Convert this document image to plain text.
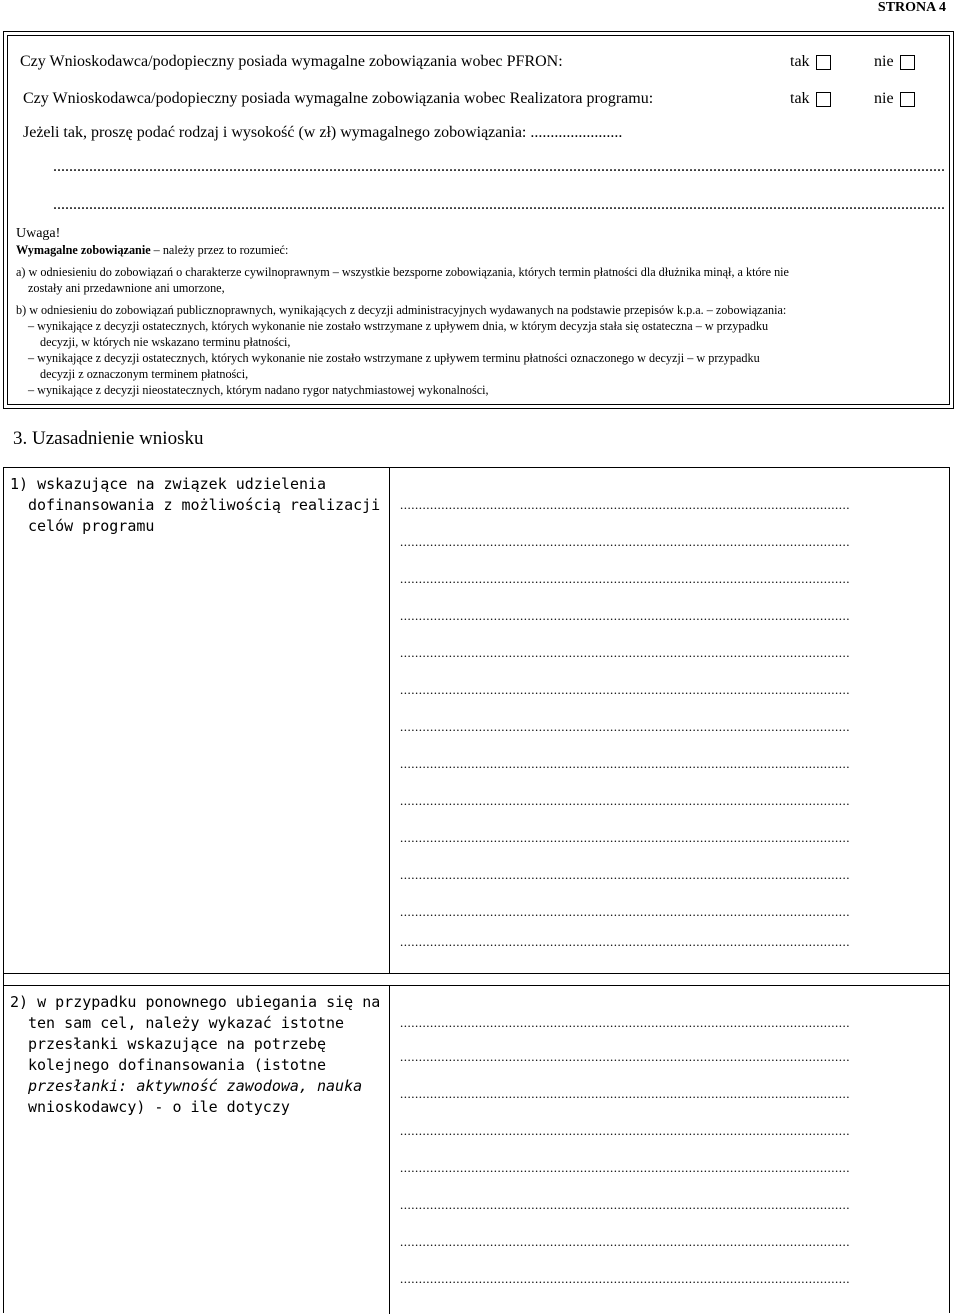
STRONA 4
Czy Wnioskodawca/podopieczny posiada wymagalne zobowiązania wobec PFRON:	tak	nie
Czy Wnioskodawca/podopieczny posiada wymagalne zobowiązania wobec Realizatora programu:	tak	nie
Jeżeli tak, proszę podać rodzaj i wysokość (w zł) wymagalnego zobowiązania: .......................
...............................................................................................................................................................................................................................
...............................................................................................................................................................................................................................
Uwaga!

Wymagalne zobowiązanie – należy przez to rozumieć:

a) w odniesieniu do zobowiązań o charakterze cywilnoprawnym – wszystkie bezsporne zobowiązania, których termin płatności dla dłużnika minął, a które nie

zostały ani przedawnione ani umorzone,

b) w odniesieniu do zobowiązań publicznoprawnych, wynikających z decyzji administracyjnych wydawanych na podstawie przepisów k.p.a. – zobowiązania:

– wynikające z decyzji ostatecznych, których wykonanie nie zostało wstrzymane z upływem dnia, w którym decyzja stała się ostateczna – w przypadku

decyzji, w których nie wskazano terminu płatności,

– wynikające z decyzji ostatecznych, których wykonanie nie zostało wstrzymane z upływem terminu płatności oznaczonego w decyzji – w przypadku

decyzji z oznaczonym terminem płatności,

– wynikające z decyzji nieostatecznych, którym nadano rygor natychmiastowej wykonalności,

3. Uzasadnienie wniosku
1) wskazujące na związek udzielenia
dofinansowania z możliwością realizacji
celów programu
........................................................................................................................
........................................................................................................................
........................................................................................................................
........................................................................................................................
........................................................................................................................
........................................................................................................................
........................................................................................................................
........................................................................................................................
........................................................................................................................
........................................................................................................................
........................................................................................................................
........................................................................................................................
........................................................................................................................
2) w przypadku ponownego ubiegania się na
ten sam cel, należy wykazać istotne
przesłanki wskazujące na potrzebę
kolejnego dofinansowania (istotne
przesłanki: aktywność zawodowa, nauka
wnioskodawcy) - o ile dotyczy
........................................................................................................................
........................................................................................................................
........................................................................................................................
........................................................................................................................
........................................................................................................................
........................................................................................................................
........................................................................................................................
........................................................................................................................
